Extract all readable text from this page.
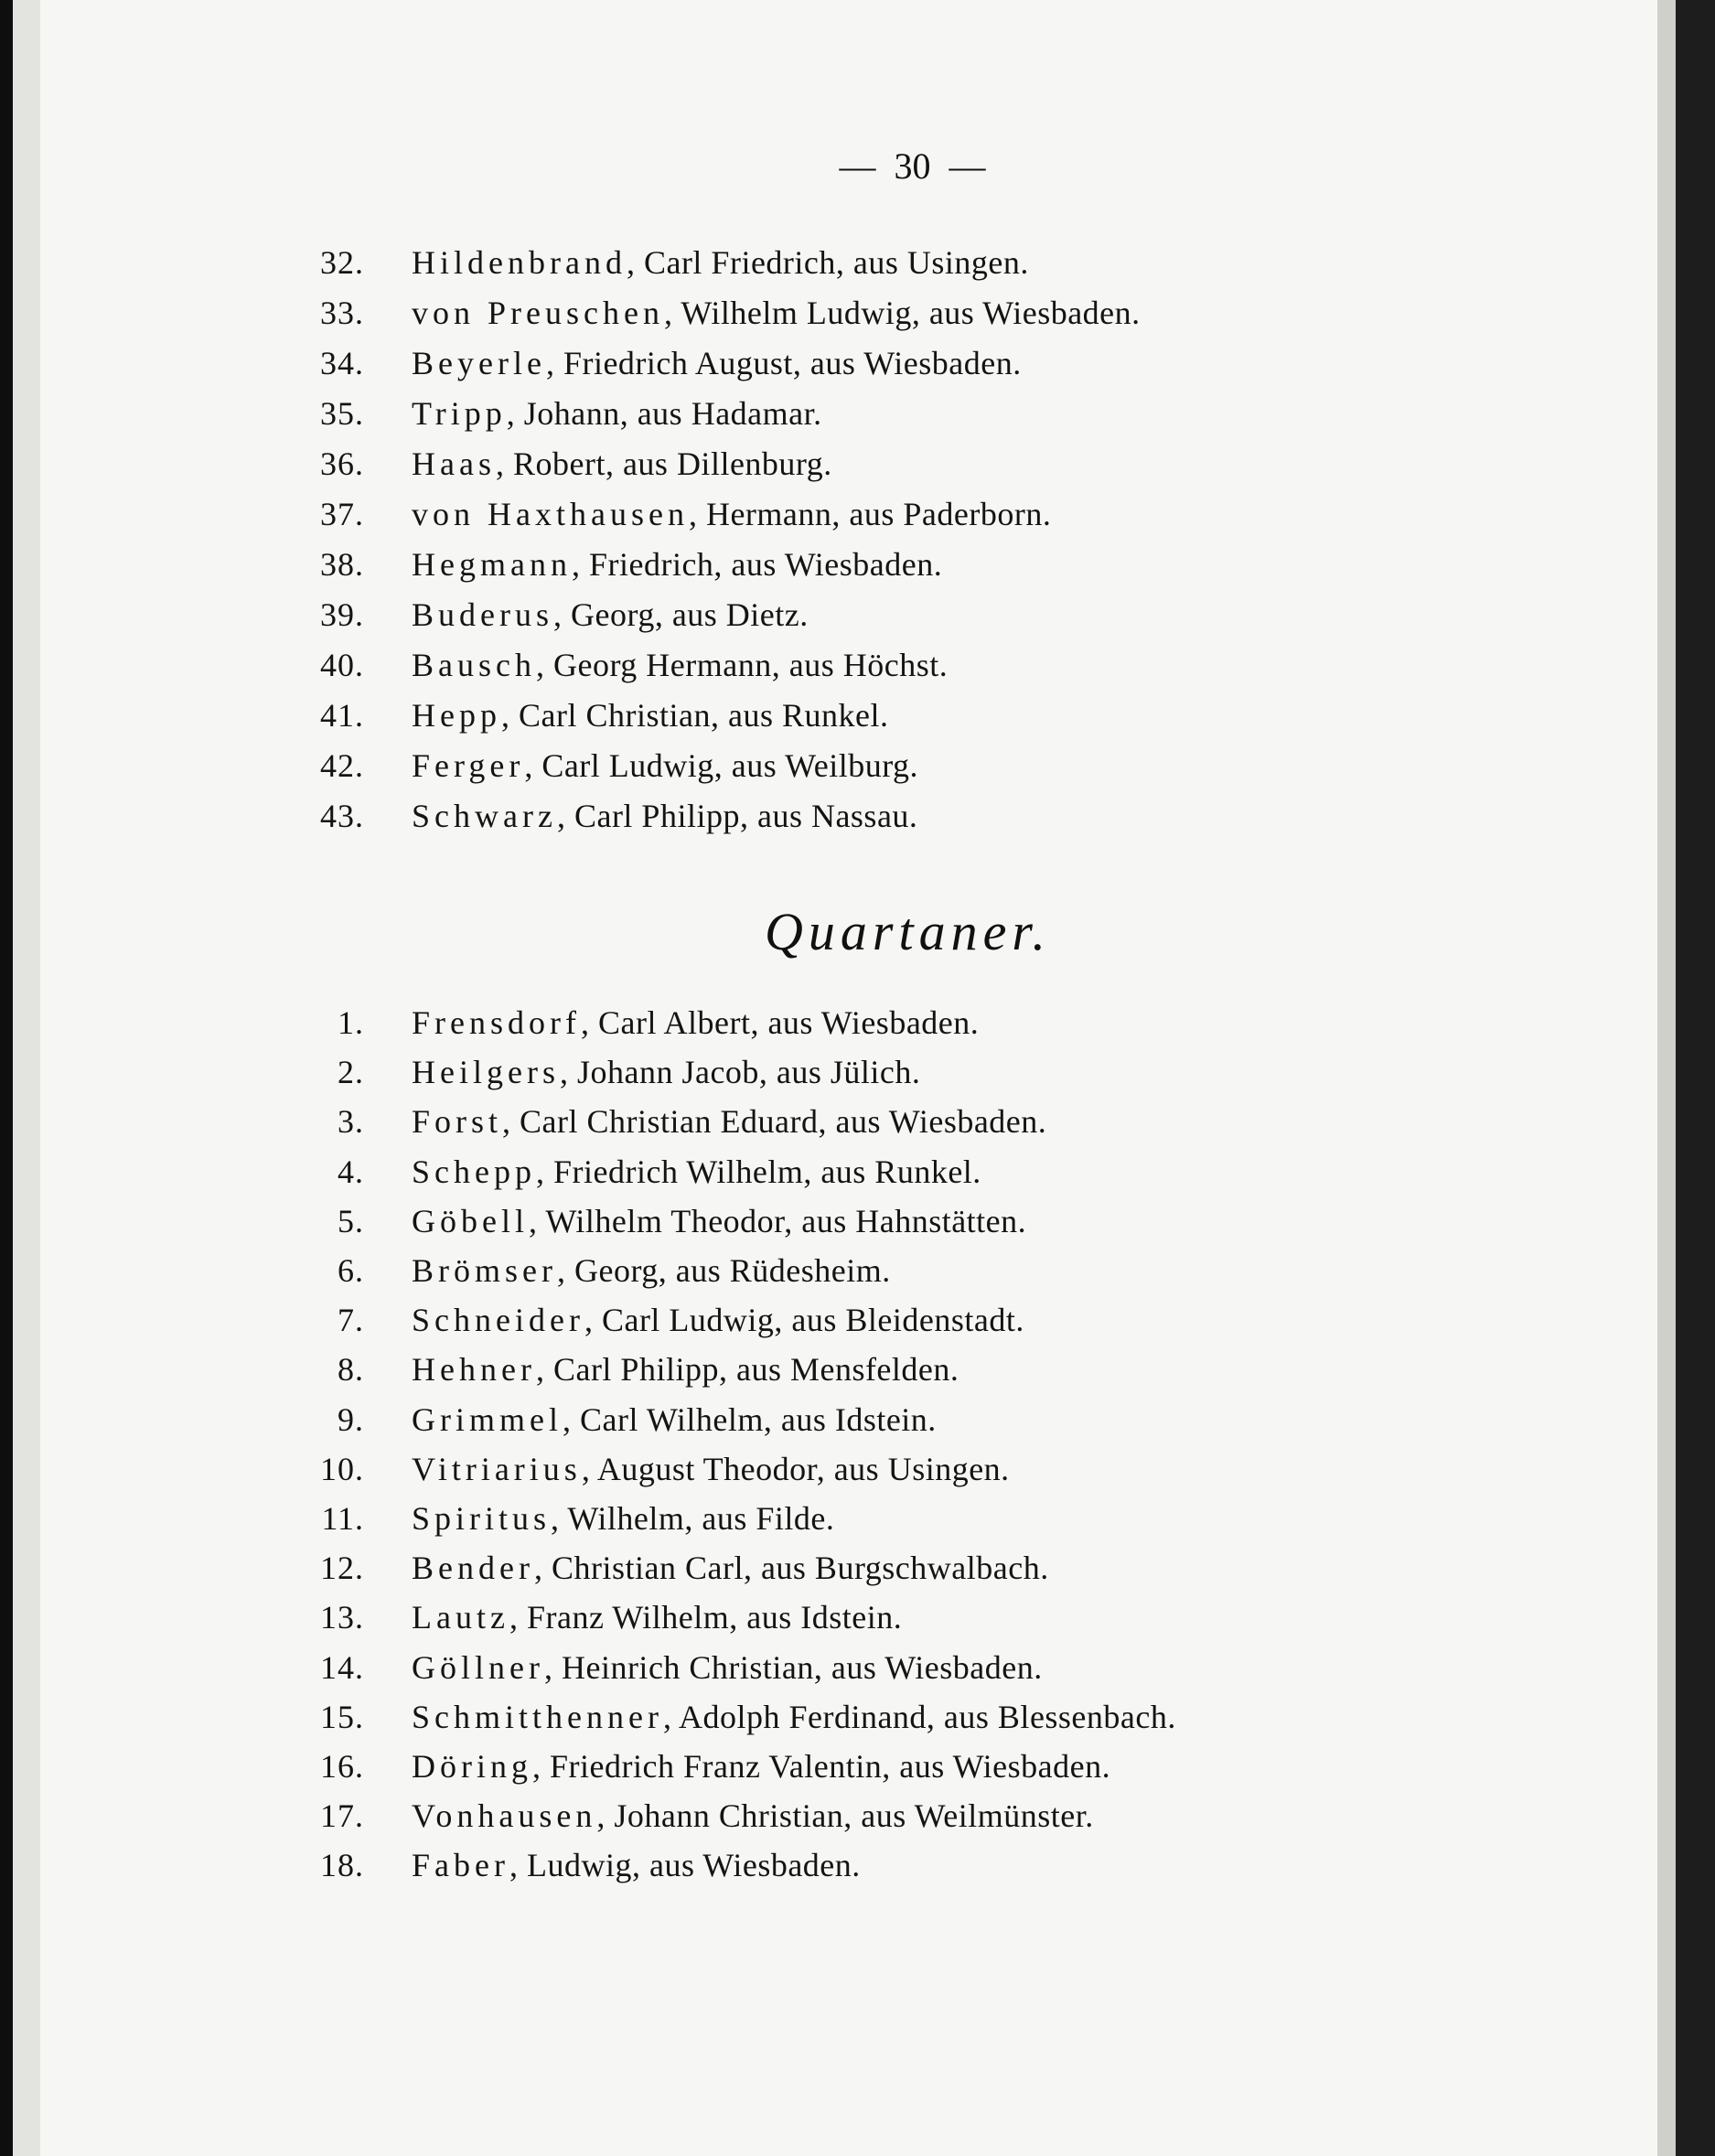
— 30 —
32. Hildenbrand, Carl Friedrich, aus Usingen.
33. von Preuschen, Wilhelm Ludwig, aus Wiesbaden.
34. Beyerle, Friedrich August, aus Wiesbaden.
35. Tripp, Johann, aus Hadamar.
36. Haas, Robert, aus Dillenburg.
37. von Haxthausen, Hermann, aus Paderborn.
38. Hegmann, Friedrich, aus Wiesbaden.
39. Buderus, Georg, aus Dietz.
40. Bausch, Georg Hermann, aus Höchst.
41. Hepp, Carl Christian, aus Runkel.
42. Ferger, Carl Ludwig, aus Weilburg.
43. Schwarz, Carl Philipp, aus Nassau.
Quartaner.
1. Frensdorf, Carl Albert, aus Wiesbaden.
2. Heilgers, Johann Jacob, aus Jülich.
3. Forst, Carl Christian Eduard, aus Wiesbaden.
4. Schepp, Friedrich Wilhelm, aus Runkel.
5. Göbell, Wilhelm Theodor, aus Hahnstätten.
6. Brömser, Georg, aus Rüdesheim.
7. Schneider, Carl Ludwig, aus Bleidenstadt.
8. Hehner, Carl Philipp, aus Mensfelden.
9. Grimmel, Carl Wilhelm, aus Idstein.
10. Vitriarius, August Theodor, aus Usingen.
11. Spiritus, Wilhelm, aus Filde.
12. Bender, Christian Carl, aus Burgschwalbach.
13. Lautz, Franz Wilhelm, aus Idstein.
14. Göllner, Heinrich Christian, aus Wiesbaden.
15. Schmitthenner, Adolph Ferdinand, aus Blessenbach.
16. Döring, Friedrich Franz Valentin, aus Wiesbaden.
17. Vonhausen, Johann Christian, aus Weilmünster.
18. Faber, Ludwig, aus Wiesbaden.
